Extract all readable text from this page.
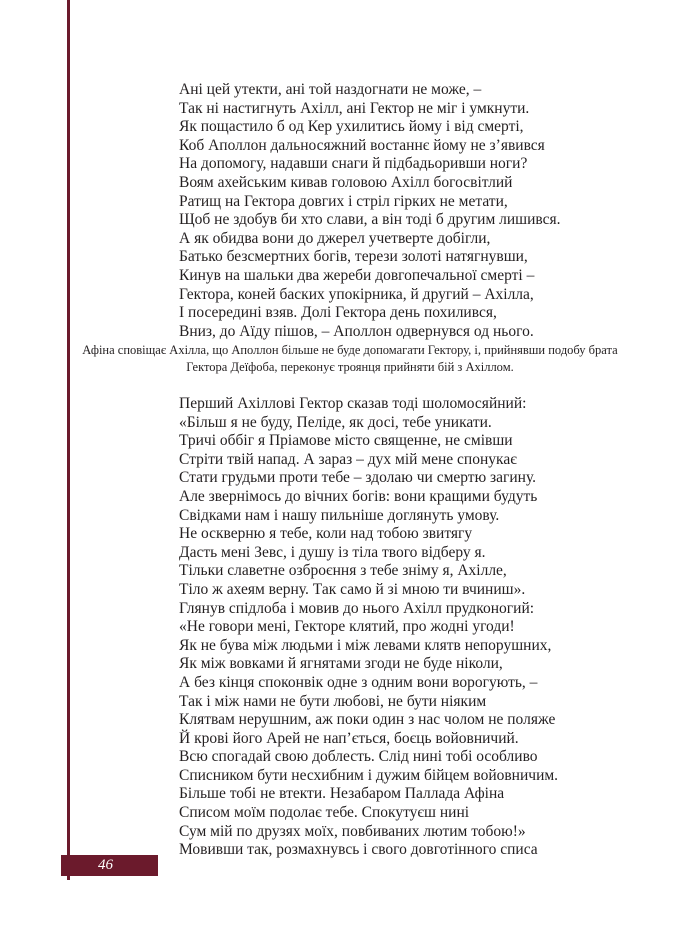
Ані цей утекти, ані той наздогнати не може, –
Так ні настигнуть Ахілл, ані Гектор не міг і умкнути.
Як пощастило б од Кер ухилитись йому і від смерті,
Коб Аполлон дальносяжний востаннє йому не з’явився
На допомогу, надавши снаги й підбадьоривши ноги?
Воям ахейським кивав головою Ахілл богосвітлий
Ратищ на Гектора довгих і стріл гірких не метати,
Щоб не здобув би хто слави, а він тоді б другим лишився.
А як обидва вони до джерел учетверте добігли,
Батько безсмертних богів, терези золоті натягнувши,
Кинув на шальки два жереби довгопечальної смерті –
Гектора, коней баских упокірника, й другий – Ахілла,
І посередині взяв. Долі Гектора день похилився,
Вниз, до Аїду пішов, – Аполлон одвернувся од нього.

Афіна сповіщає Ахілла, що Аполлон більше не буде допомагати Гектору, і, прийнявши подобу брата Гектора Деїфоба, переконує троянця прийняти бій з Ахіллом.

Перший Ахіллові Гектор сказав тоді шоломосяйний:
«Більш я не буду, Пеліде, як досі, тебе уникати.
Тричі оббіг я Пріамове місто священне, не смівши
Стріти твій напад. А зараз – дух мій мене спонукає
Стати грудьми проти тебе – здолаю чи смертю загину.
Але звернімось до вічних богів: вони кращими будуть
Свідками нам і нашу пильніше доглянуть умову.
Не оскверню я тебе, коли над тобою звитягу
Дасть мені Зевс, і душу із тіла твого відберу я.
Тільки славетне озброєння з тебе зніму я, Ахілле,
Тіло ж ахеям верну. Так само й зі мною ти вчиниш».
Глянув спідлоба і мовив до нього Ахілл прудконогий:
«Не говори мені, Гекторе клятий, про жодні угоди!
Як не бува між людьми і між левами клятв непорушних,
Як між вовками й ягнятами згоди не буде ніколи,
А без кінця споконвік одне з одним вони ворогують, –
Так і між нами не бути любові, не бути ніяким
Клятвам нерушним, аж поки один з нас чолом не поляже
Й крові його Арей не нап’ється, боєць войовничий.
Всю спогадай свою доблесть. Слід нині тобі особливо
Списником бути несхибним і дужим бійцем войовничим.
Більше тобі не втекти. Незабаром Паллада Афіна
Списом моїм подолає тебе. Спокутуєш нині
Сум мій по друзях моїх, повбиваних лютим тобою!»
Мовивши так, розмахнувсь і свого довготінного списа
46
